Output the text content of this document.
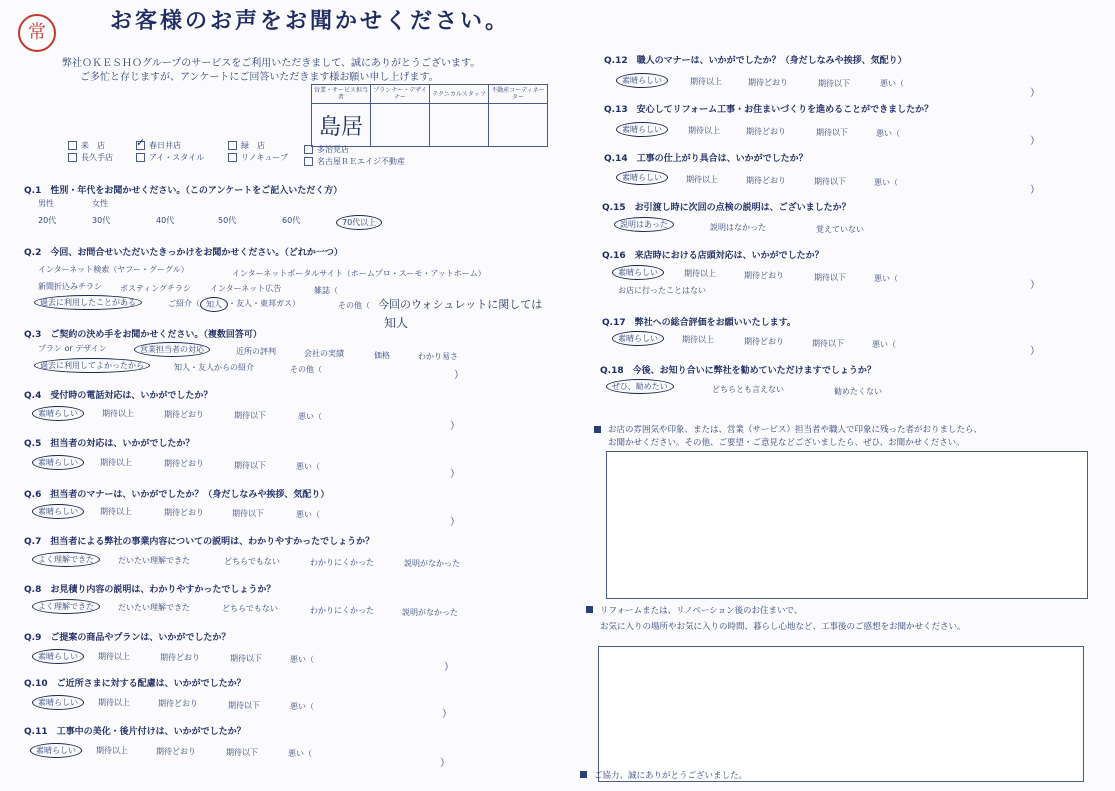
常	お客様のお声をお聞かせください。
弊社ＯＫＥＳＨＯグループのサービスをご利用いただきまして、誠にありがとうございます。
ご多忙と存じますが、アンケートにご回答いただきます様お願い申し上げます。
営業・サービス担当者	プランナー・デザイナー	テクニカルスタッフ	不動産コーディネーター
島居			
来　店 ✓	春日井店	緑　店	多治見店
長久手店	アイ・スタイル	リノキューブ	名古屋ＲＥエイジ不動産
Q.1　性別・年代をお聞かせください。（このアンケートをご記入いただく方）
男性	女性
20代	30代	40代	50代	60代	70代以上
Q.2　今回、お問合せいただいたきっかけをお聞かせください。（どれか一つ）
インターネット検索（ヤフー・グーグル）	インターネットポータルサイト（ホームプロ・スーモ・アットホーム）
新聞折込みチラシ ポスティングチラシ インターネット広告	雑誌（
過去に利用したことがある	ご紹介（ 知人 ・友人・東邦ガス）	その他（ 今回のウォシュレットに関しては
知人
Q.3　ご契約の決め手をお聞かせください。（複数回答可）
プラン or デザイン	営業担当者の対応	近所の評判	会社の実績	価格	わかり易さ
過去に利用してよかったから	知人・友人からの紹介	その他（
）
Q.4　受付時の電話対応は、いかがでしたか？
素晴らしい	期待以上	期待どおり	期待以下	悪い（
）
Q.5　担当者の対応は、いかがでしたか？
素晴らしい	期待以上	期待どおり	期待以下	悪い（
）
Q.6　担当者のマナーは、いかがでしたか？（身だしなみや挨拶、気配り）
素晴らしい	期待以上	期待どおり	期待以下	悪い（
）
Q.7　担当者による弊社の事業内容についての説明は、わかりやすかったでしょうか？
よく理解できた	だいたい理解できた	どちらでもない	わかりにくかった	説明がなかった
Q.8　お見積り内容の説明は、わかりやすかったでしょうか？
よく理解できた	だいたい理解できた	どちらでもない	わかりにくかった	説明がなかった
Q.9　ご提案の商品やプランは、いかがでしたか？
素晴らしい	期待以上	期待どおり	期待以下	悪い（
）
Q.10　ご近所さまに対する配慮は、いかがでしたか？
素晴らしい	期待以上	期待どおり	期待以下	悪い（
）
Q.11　工事中の美化・後片付けは、いかがでしたか？
素晴らしい	期待以上	期待どおり	期待以下	悪い（
）
Q.12　職人のマナーは、いかがでしたか？（身だしなみや挨拶、気配り）
素晴らしい	期待以上	期待どおり	期待以下	悪い（
）
Q.13　安心してリフォーム工事・お住まいづくりを進めることができましたか？
素晴らしい	期待以上	期待どおり	期待以下	悪い（
）
Q.14　工事の仕上がり具合は、いかがでしたか？
素晴らしい	期待以上	期待どおり	期待以下	悪い（
）
Q.15　お引渡し時に次回の点検の説明は、ございましたか？
説明はあった	説明はなかった	覚えていない
Q.16　来店時における店頭対応は、いかがでしたか？
素晴らしい	期待以上	期待どおり	期待以下	悪い（
）
お店に行ったことはない
Q.17　弊社への総合評価をお願いいたします。
素晴らしい	期待以上	期待どおり	期待以下	悪い（
）
Q.18　今後、お知り合いに弊社を勧めていただけますでしょうか？
ぜひ、勧めたい	どちらとも言えない	勧めたくない
お店の雰囲気や印象、または、営業（サービス）担当者や職人で印象に残った者がおりましたら、
お聞かせください。その他、ご要望・ご意見などございましたら、ぜひ、お聞かせください。
リフォームまたは、リノベーション後のお住まいで、
お気に入りの場所やお気に入りの時間、暮らし心地など、工事後のご感想をお聞かせください。
ご協力、誠にありがとうございました。
